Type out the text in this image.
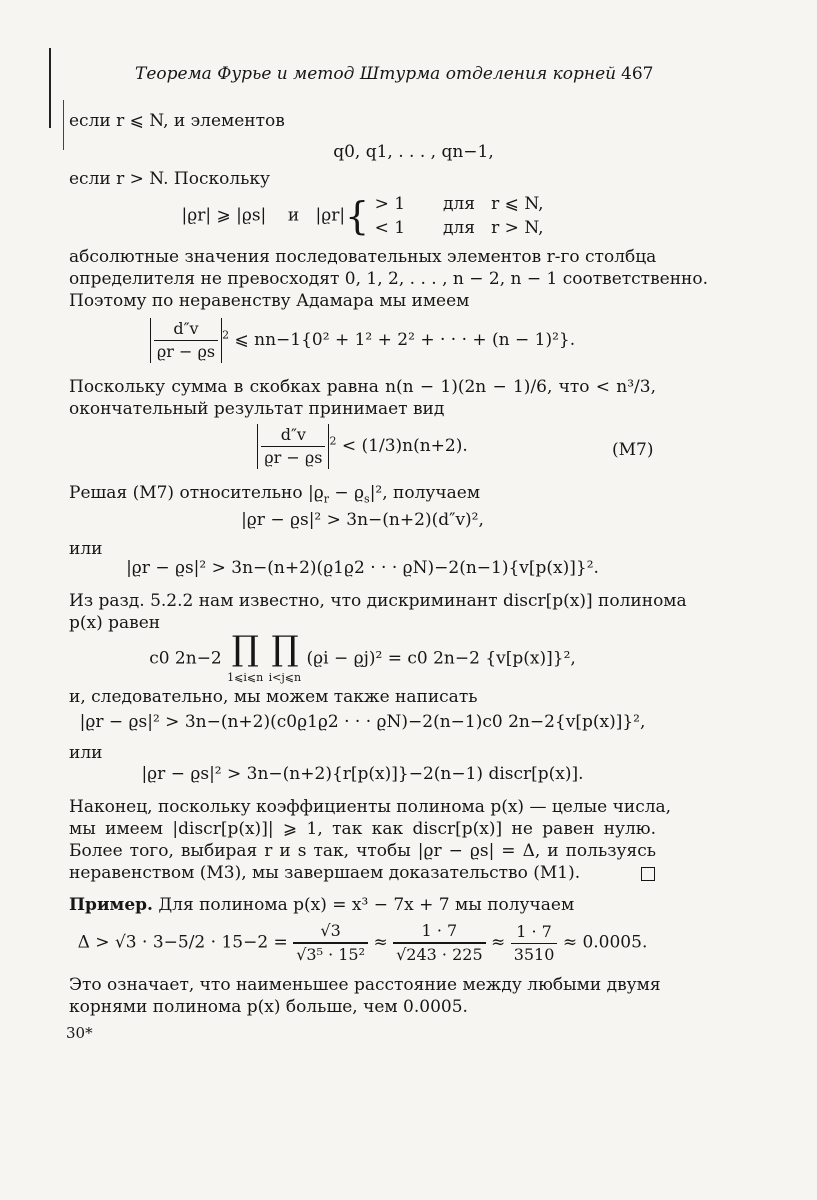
Теорема Фурье и метод Штурма отделения корней 467
если r ⩽ N, и элементов
q0, q1, . . . , qn−1,
если r > N. Поскольку
|ϱr| ⩾ |ϱs| и |ϱr|{ > 1 для r ⩽ N,
< 1 для r > N,
абсолютные значения последовательных элементов r-го столбца
определителя не превосходят 0, 1, 2, . . . , n − 2, n − 1 соответственно.
Поэтому по неравенству Адамара мы имеем
$\frac{d''v}{ϱr - ϱs} ^2$ ⩽ nn−1{0² + 1² + 2² + · · · + (n − 1)²}.
Поскольку сумма в скобках равна n(n − 1)(2n − 1)/6, что < n³/3,
окончательный результат принимает вид
$\frac{d''v}{ϱr - ϱs} ^2 < (1/3)n(n+2)$.	(M7)
Решая (M7) относительно $|ϱ_r - ϱ_s|^2$, получаем
|ϱr − ϱs|² > 3n−(n+2)(d″v)²,
или
|ϱr − ϱs|² > 3n−(n+2)(ϱ1ϱ2 · · · ϱN)−2(n−1){v[p(x)]}².
Из разд. 5.2.2 нам известно, что дискриминант discr[p(x)] полинома
p(x) равен
c0 2n−2 ∏
1⩽i⩽n ∏
i<j⩽n (ϱi − ϱj)² = c0 2n−2 {v[p(x)]}²,
и, следовательно, мы можем также написать
|ϱr − ϱs|² > 3n−(n+2)(c0ϱ1ϱ2 · · · ϱN)−2(n−1)c0 2n−2{v[p(x)]}²,
или
|ϱr − ϱs|² > 3n−(n+2){r[p(x)]}−2(n−1) discr[p(x)].
Наконец, поскольку коэффициенты полинома p(x) — целые числа,
мы имеем |discr[p(x)]| ⩾ 1, так как discr[p(x)] не равен нулю.
Более того, выбирая r и s так, чтобы |ϱr − ϱs| = Δ, и пользуясь
неравенством (M3), мы завершаем доказательство (M1).
Пример. Для полинома p(x) = x³ − 7x + 7 мы получаем
$\Delta > √3 \cdot 3-5/2 \cdot 15-2 = \frac{√3}{\text{√3⁵ · 15²}} \approx \frac{1 \cdot 7}{√243 \cdot 225} \approx \frac{1 \cdot 7}{3510} \approx 0.0005$.
Это означает, что наименьшее расстояние между любыми двумя
корнями полинома p(x) больше, чем 0.0005.
30*
